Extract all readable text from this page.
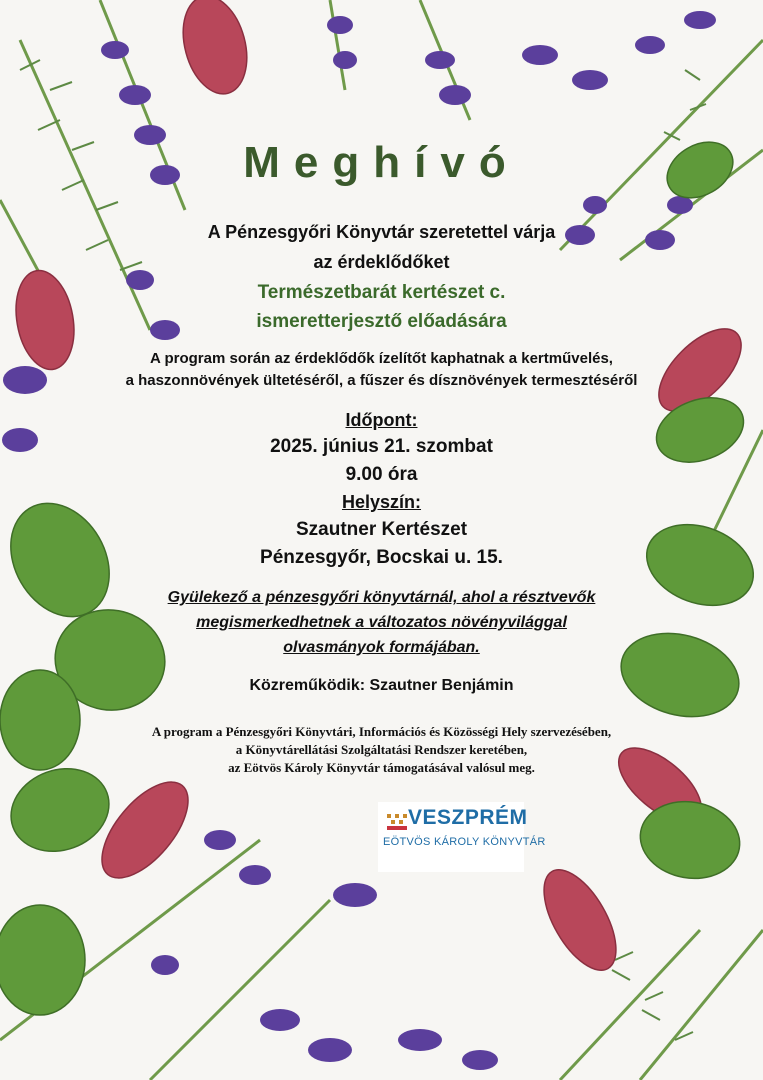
Meghívó
A Pénzesgyőri Könyvtár szeretettel várja
az érdeklődőket
Természetbarát kertészet c.
ismeretterjesztő előadására
A program során az érdeklődők ízelítőt kaphatnak a kertművelés,
a haszonnövények ültetéséről, a fűszer és dísznövények termesztéséről
Időpont:
2025. június 21. szombat
9.00 óra
Helyszín:
Szautner Kertészet
Pénzesgyőr, Bocskai u. 15.
Gyülekező a pénzesgyőri könyvtárnál, ahol a résztvevők
megismerkedhetnek a változatos növényvilággal
olvasmányok formájában.
Közreműködik: Szautner Benjámin
A program a Pénzesgyőri Könyvtári, Információs és Közösségi Hely szervezésében,
a Könyvtárellátási Szolgáltatási Rendszer keretében,
az Eötvös Károly Könyvtár támogatásával valósul meg.
VESZPRÉM
EÖTVÖS KÁROLY KÖNYVTÁR
